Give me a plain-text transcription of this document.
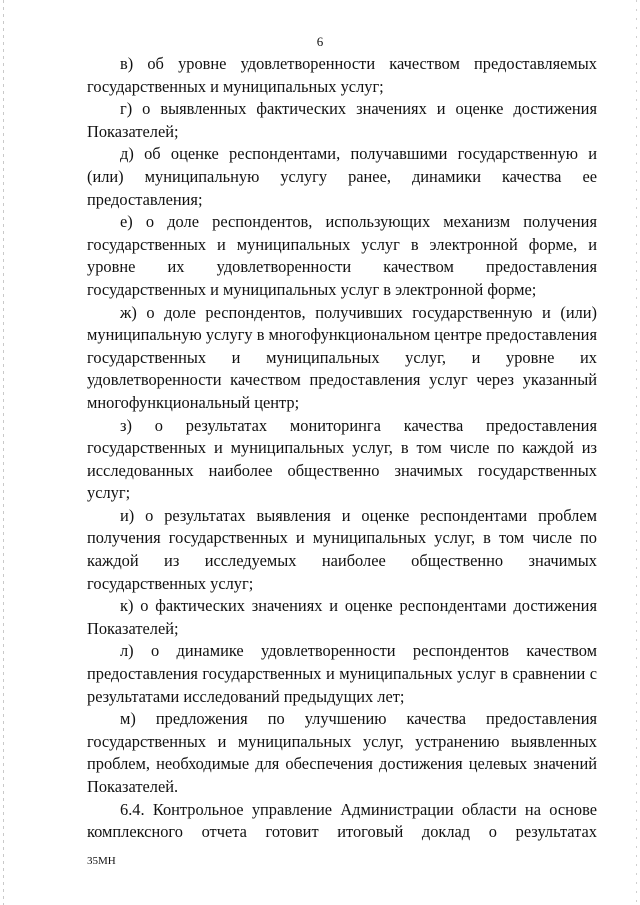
6

в) об уровне удовлетворенности качеством предоставляемых государственных и муниципальных услуг;

г) о выявленных фактических значениях и оценке достижения Показателей;

д) об оценке респондентами, получавшими государственную и (или) муниципальную услугу ранее, динамики качества ее предоставления;

е) о доле респондентов, использующих механизм получения государственных и муниципальных услуг в электронной форме, и уровне их удовлетворенности качеством предоставления государственных и муниципальных услуг в электронной форме;

ж) о доле респондентов, получивших государственную и (или) муниципальную услугу в многофункциональном центре предоставления государственных и муниципальных услуг, и уровне их удовлетворенности качеством предоставления услуг через указанный многофункциональный центр;

з) о результатах мониторинга качества предоставления государственных и муниципальных услуг, в том числе по каждой из исследованных наиболее общественно значимых государственных услуг;

и) о результатах выявления и оценке респондентами проблем получения государственных и муниципальных услуг, в том числе по каждой из исследуемых наиболее общественно значимых государственных услуг;

к) о фактических значениях и оценке респондентами достижения Показателей;

л) о динамике удовлетворенности респондентов качеством предоставления государственных и муниципальных услуг в сравнении с результатами исследований предыдущих лет;

м) предложения по улучшению качества предоставления государственных и муниципальных услуг, устранению выявленных проблем, необходимые для обеспечения достижения целевых значений Показателей.

6.4. Контрольное управление Администрации области на основе комплексного отчета готовит итоговый доклад о результатах

35МН
